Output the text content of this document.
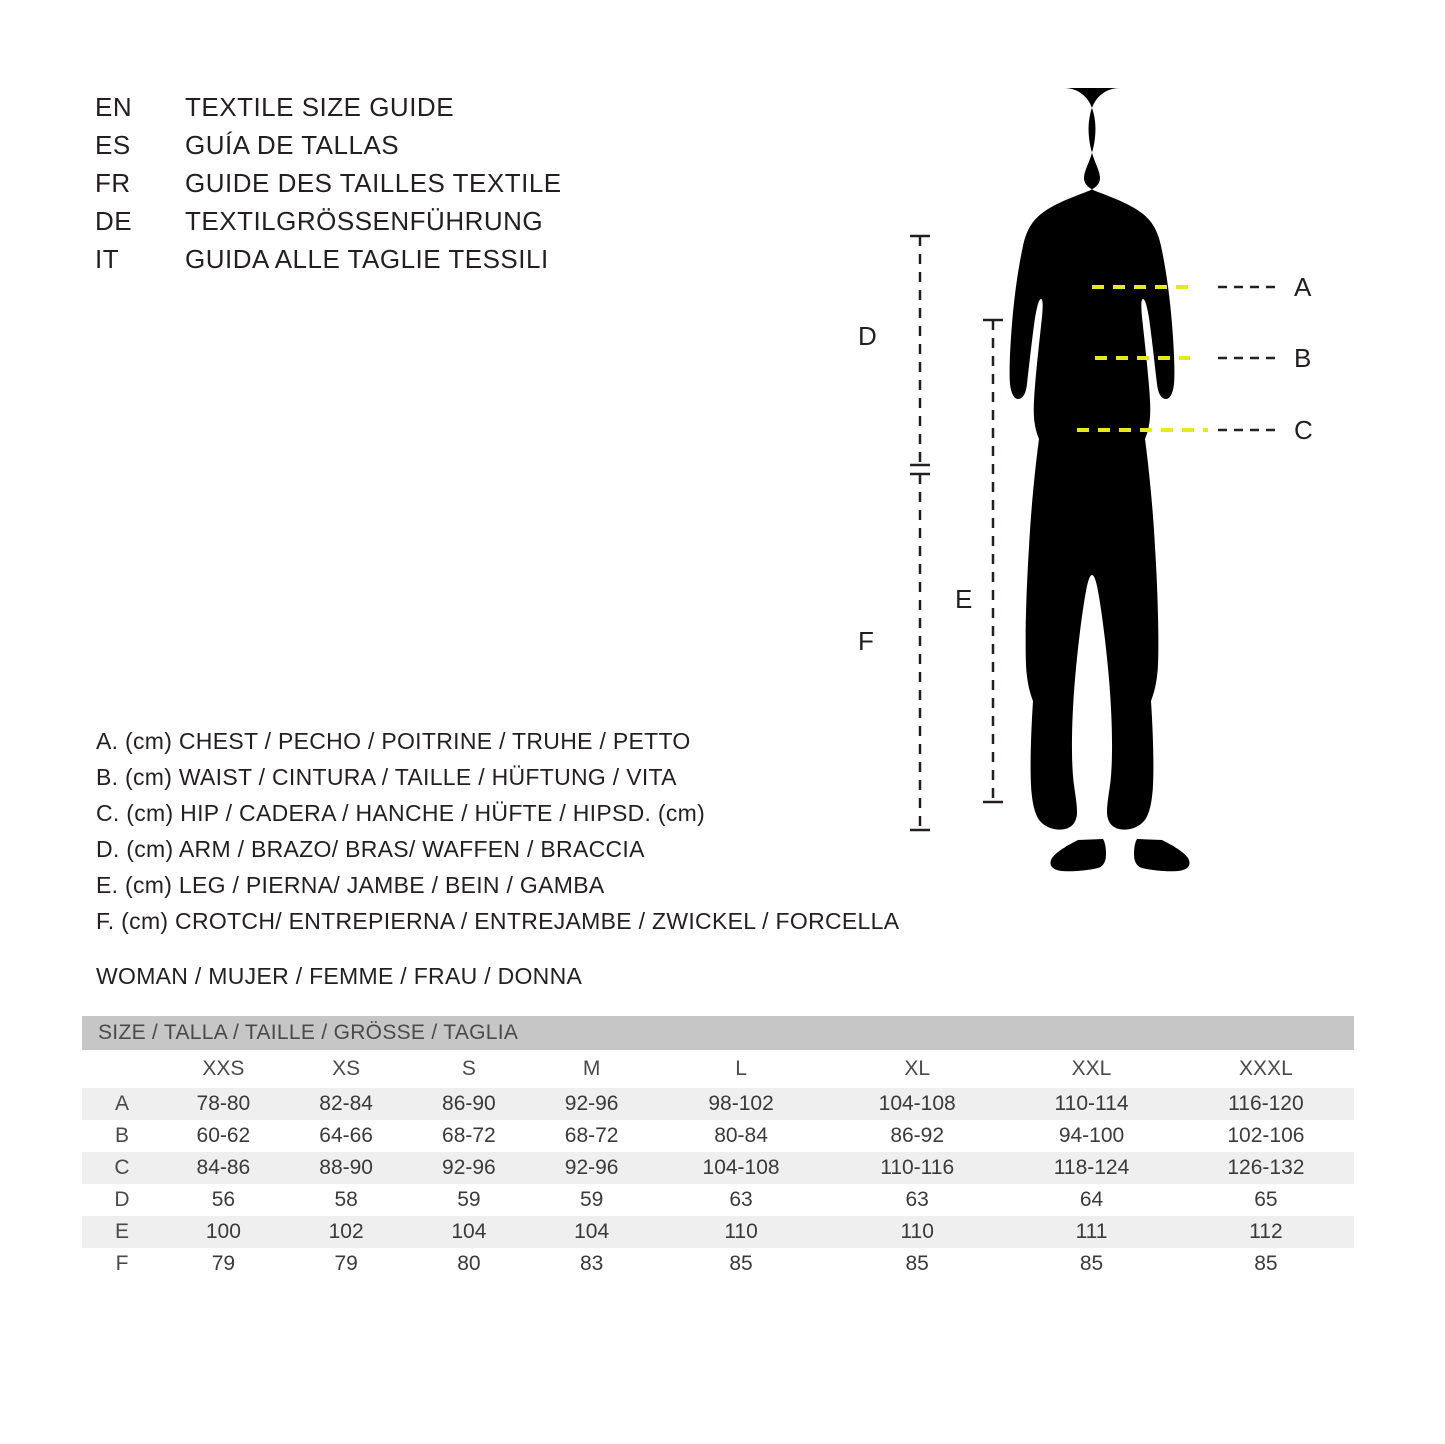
EN	TEXTILE SIZE GUIDE
ES	GUÍA DE TALLAS
FR	GUIDE DES TAILLES TEXTILE
DE	TEXTILGRÖSSENFÜHRUNG
IT	GUIDA ALLE TAGLIE TESSILI
A
B
C
D
F
E
A. (cm) CHEST / PECHO / POITRINE / TRUHE / PETTO
B. (cm) WAIST / CINTURA / TAILLE / HÜFTUNG / VITA
C. (cm) HIP / CADERA / HANCHE / HÜFTE / HIPSD. (cm)
D. (cm) ARM / BRAZO/ BRAS/ WAFFEN / BRACCIA
E. (cm) LEG / PIERNA/ JAMBE / BEIN / GAMBA
F. (cm) CROTCH/ ENTREPIERNA / ENTREJAMBE / ZWICKEL / FORCELLA
WOMAN / MUJER / FEMME / FRAU / DONNA
SIZE / TALLA / TAILLE / GRÖSSE / TAGLIA								
	XXS	XS	S	M	L	XL	XXL	XXXL
A	78-80	82-84	86-90	92-96	98-102	104-108	110-114	116-120
B	60-62	64-66	68-72	68-72	80-84	86-92	94-100	102-106
C	84-86	88-90	92-96	92-96	104-108	110-116	118-124	126-132
D	56	58	59	59	63	63	64	65
E	100	102	104	104	110	110	111	112
F	79	79	80	83	85	85	85	85
